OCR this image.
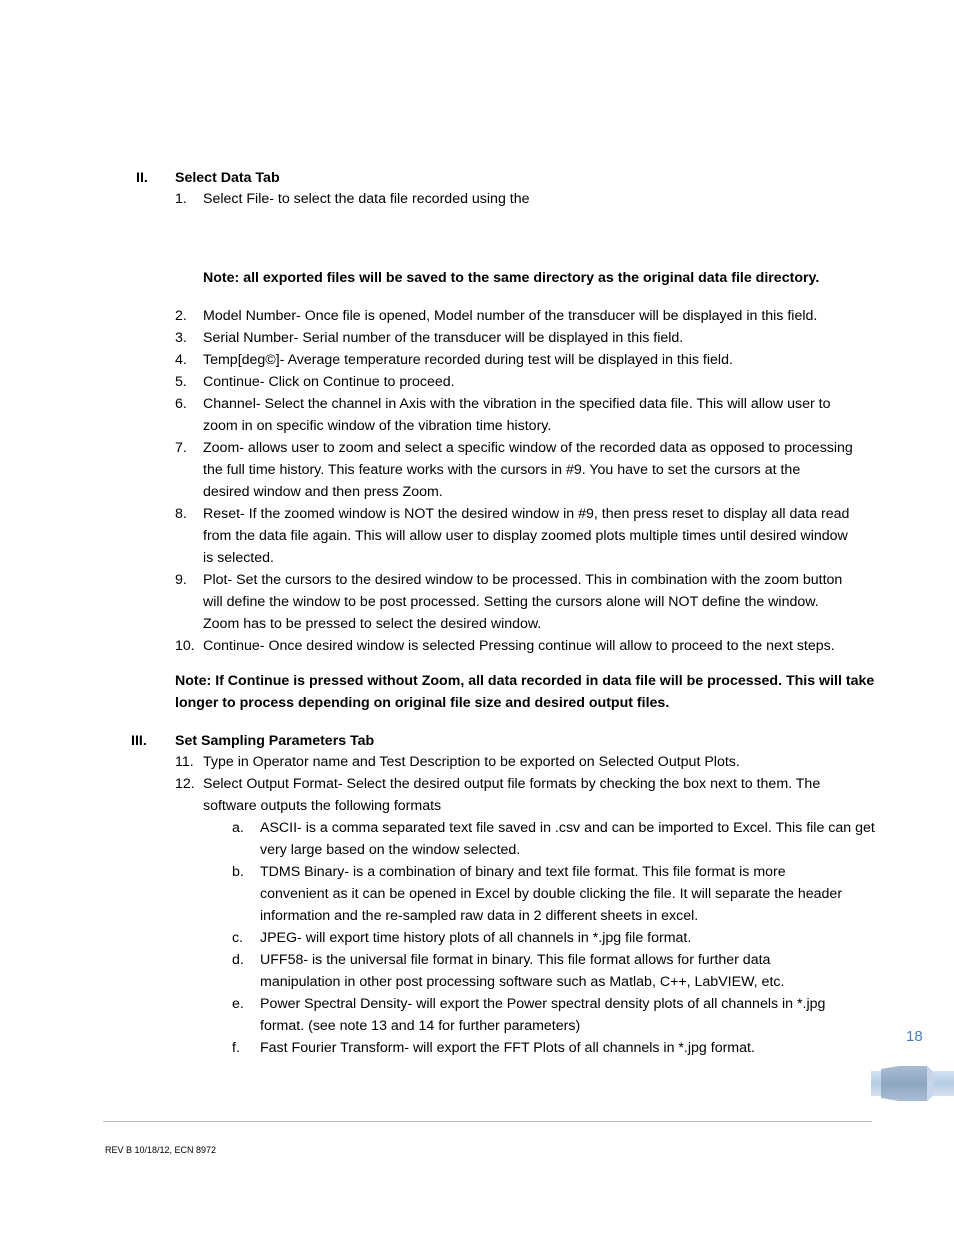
II. Select Data Tab
1. Select File- to select the data file recorded using the
Note: all exported files will be saved to the same directory as the original data file directory.
2. Model Number- Once file is opened, Model number of the transducer will be displayed in this field.
3. Serial Number- Serial number of the transducer will be displayed in this field.
4. Temp[deg©]- Average temperature recorded during test will be displayed in this field.
5. Continue- Click on Continue to proceed.
6. Channel- Select the channel in Axis with the vibration in the specified data file. This will allow user to
zoom in on specific window of the vibration time history.
7. Zoom- allows user to zoom and select a specific window of the recorded data as opposed to processing
the full time history. This feature works with the cursors in #9. You have to set the cursors at the
desired window and then press Zoom.
8. Reset- If the zoomed window is NOT the desired window in #9, then press reset to display all data read
from the data file again. This will allow user to display zoomed plots multiple times until desired window
is selected.
9. Plot- Set the cursors to the desired window to be processed. This in combination with the zoom button
will define the window to be post processed. Setting the cursors alone will NOT define the window.
Zoom has to be pressed to select the desired window.
10. Continue- Once desired window is selected Pressing continue will allow to proceed to the next steps.
Note: If Continue is pressed without Zoom, all data recorded in data file will be processed. This will take
longer to process depending on original file size and desired output files.
III. Set Sampling Parameters Tab
11. Type in Operator name and Test Description to be exported on Selected Output Plots.
12. Select Output Format- Select the desired output file formats by checking the box next to them. The
software outputs the following formats
a. ASCII- is a comma separated text file saved in .csv and can be imported to Excel. This file can get
very large based on the window selected.
b. TDMS Binary- is a combination of binary and text file format. This file format is more
convenient as it can be opened in Excel by double clicking the file. It will separate the header
information and the re-sampled raw data in 2 different sheets in excel.
c. JPEG- will export time history plots of all channels in *.jpg file format.
d. UFF58- is the universal file format in binary. This file format allows for further data
manipulation in other post processing software such as Matlab, C++, LabVIEW, etc.
e. Power Spectral Density- will export the Power spectral density plots of all channels in *.jpg
format. (see note 13 and 14 for further parameters)
f. Fast Fourier Transform- will export the FFT Plots of all channels in *.jpg format.
18
REV B 10/18/12, ECN 8972
